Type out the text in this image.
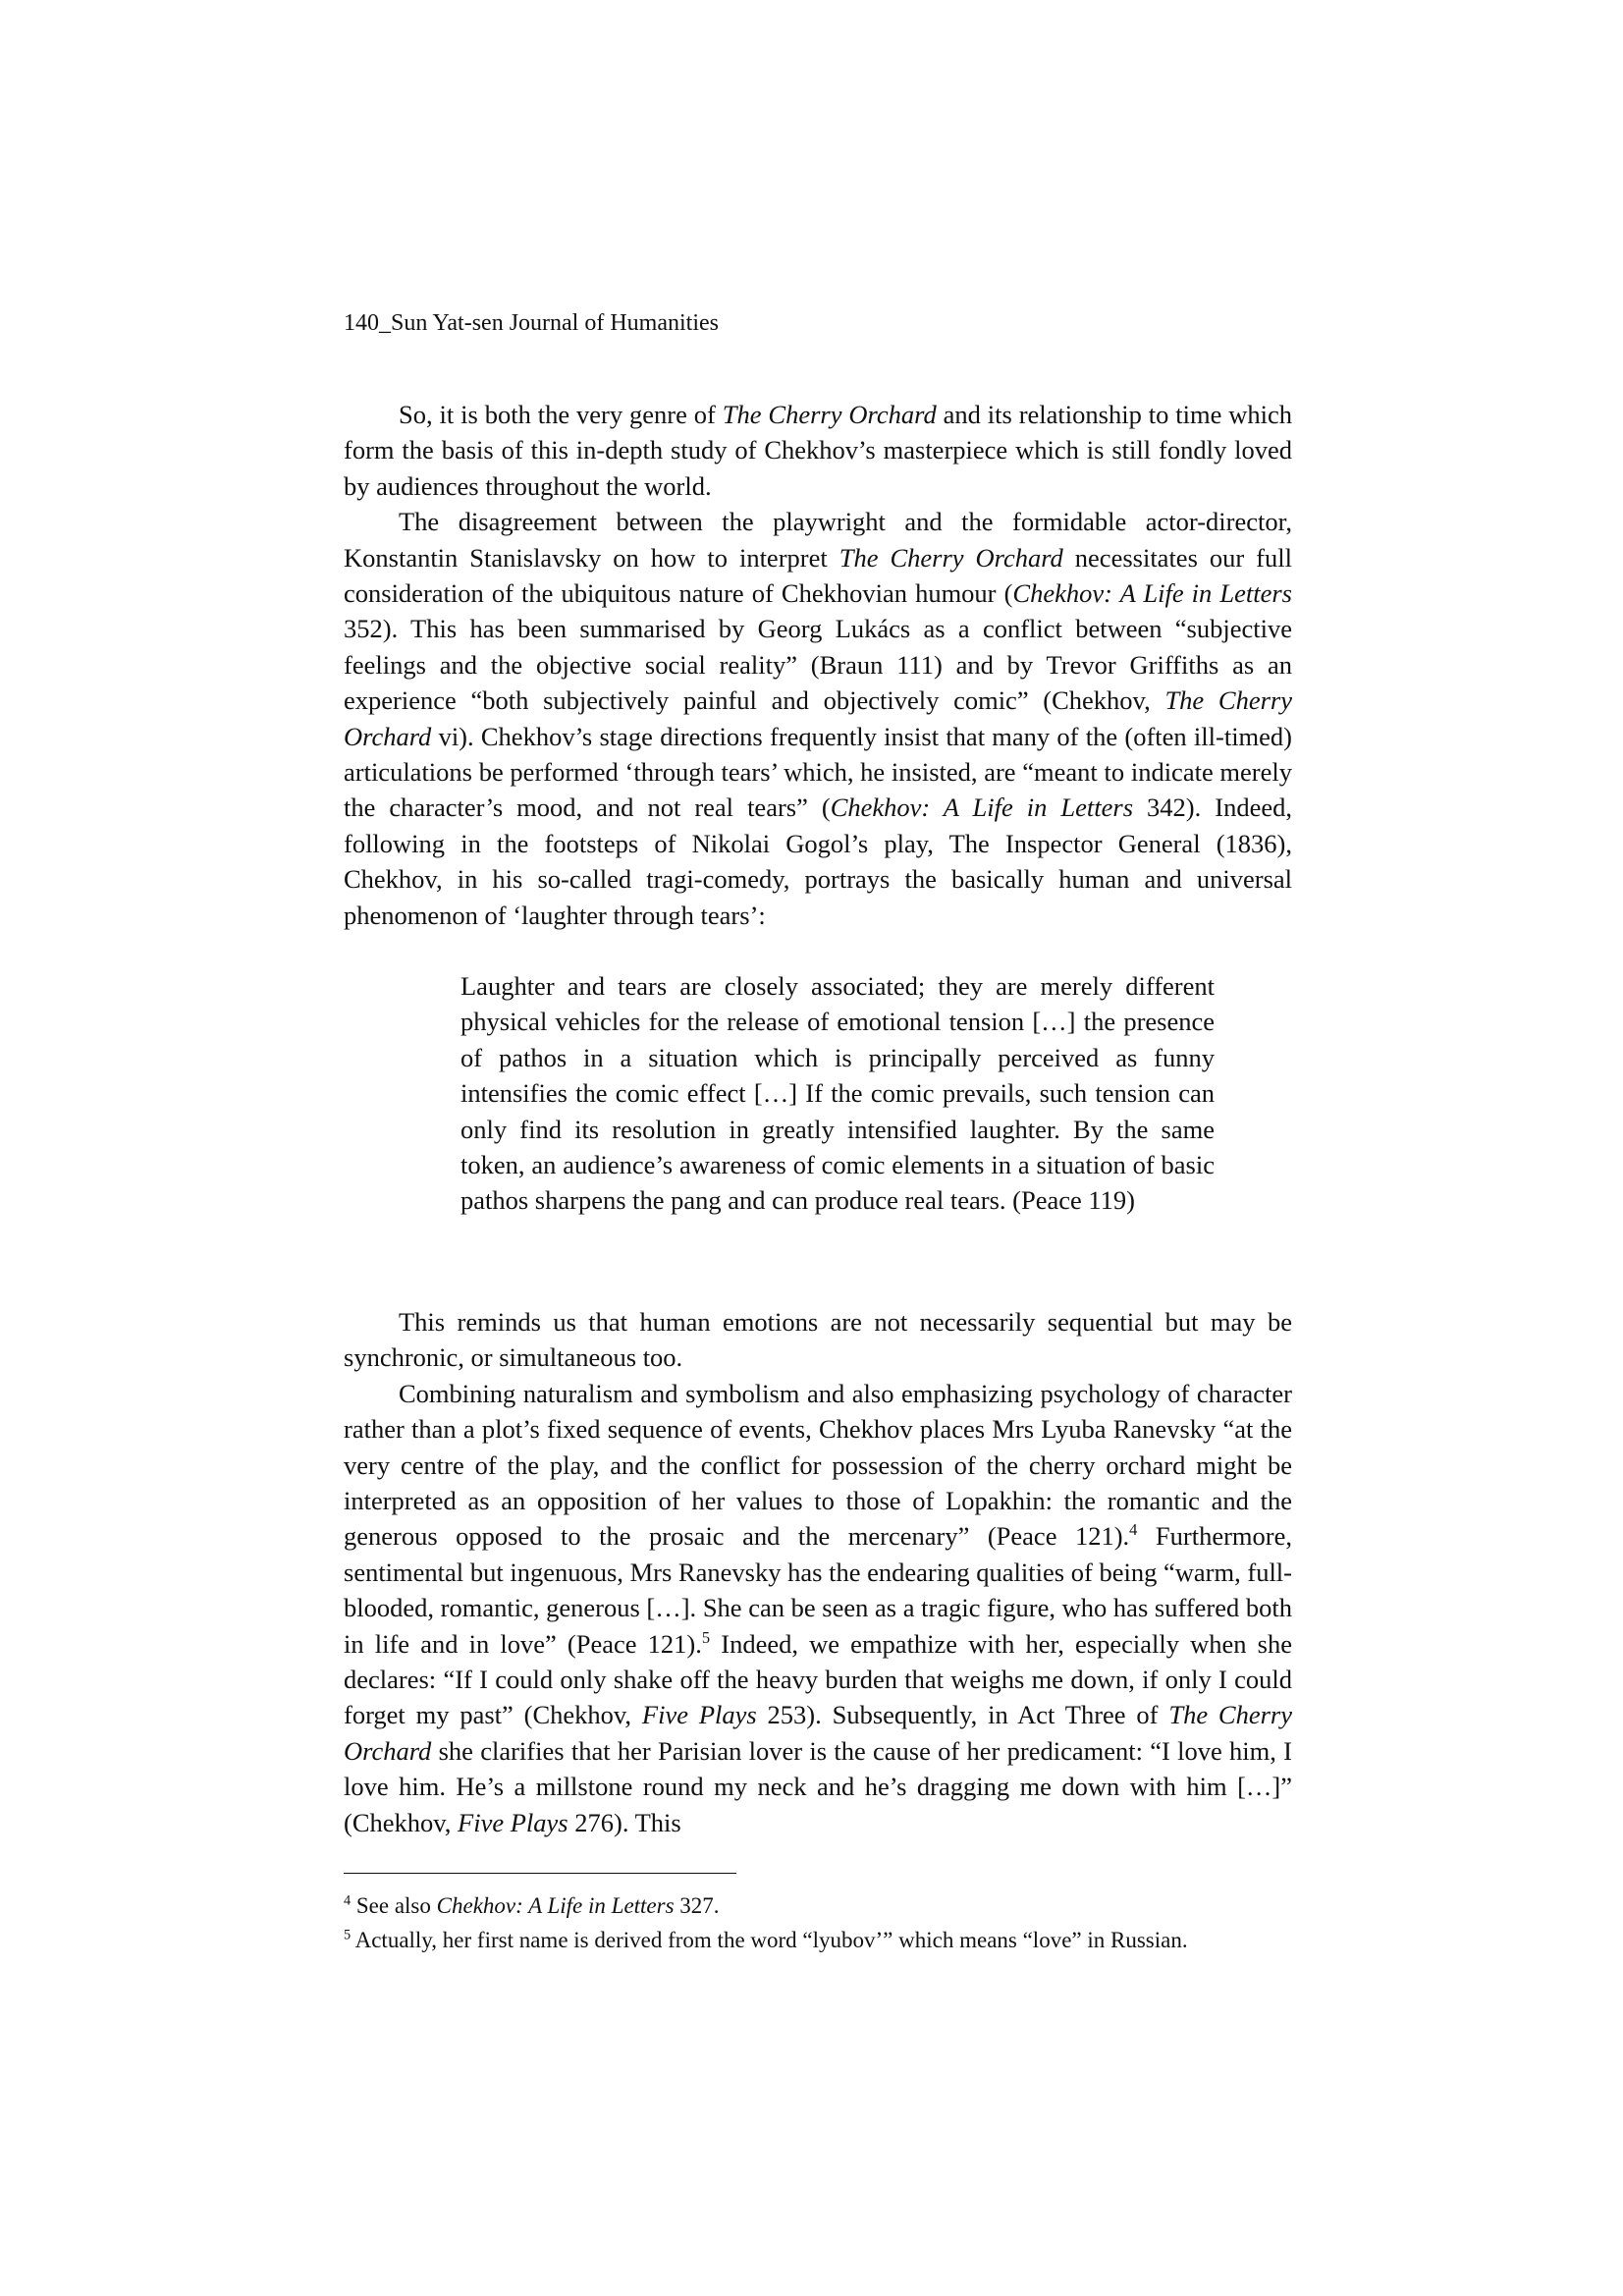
140_Sun Yat-sen Journal of Humanities

So, it is both the very genre of The Cherry Orchard and its relationship to time which form the basis of this in-depth study of Chekhov’s masterpiece which is still fondly loved by audiences throughout the world.

The disagreement between the playwright and the formidable actor-director, Konstantin Stanislavsky on how to interpret The Cherry Orchard necessitates our full consideration of the ubiquitous nature of Chekhovian humour (Chekhov: A Life in Letters 352). This has been summarised by Georg Lukács as a conflict between “subjective feelings and the objective social reality” (Braun 111) and by Trevor Griffiths as an experience “both subjectively painful and objectively comic” (Chekhov, The Cherry Orchard vi). Chekhov’s stage directions frequently insist that many of the (often ill-timed) articulations be performed ‘through tears’ which, he insisted, are “meant to indicate merely the character’s mood, and not real tears” (Chekhov: A Life in Letters 342). Indeed, following in the footsteps of Nikolai Gogol’s play, The Inspector General (1836), Chekhov, in his so-called tragi-comedy, portrays the basically human and universal phenomenon of ‘laughter through tears’:

Laughter and tears are closely associated; they are merely different physical vehicles for the release of emotional tension […] the presence of pathos in a situation which is principally perceived as funny intensifies the comic effect […] If the comic prevails, such tension can only find its resolution in greatly intensified laughter. By the same token, an audience’s awareness of comic elements in a situation of basic pathos sharpens the pang and can produce real tears. (Peace 119)

This reminds us that human emotions are not necessarily sequential but may be synchronic, or simultaneous too.

Combining naturalism and symbolism and also emphasizing psychology of character rather than a plot’s fixed sequence of events, Chekhov places Mrs Lyuba Ranevsky “at the very centre of the play, and the conflict for possession of the cherry orchard might be interpreted as an opposition of her values to those of Lopakhin: the romantic and the generous opposed to the prosaic and the mercenary” (Peace 121).$^4$ Furthermore, sentimental but ingenuous, Mrs Ranevsky has the endearing qualities of being “warm, full-blooded, romantic, generous […]. She can be seen as a tragic figure, who has suffered both in life and in love” (Peace 121).$^5$ Indeed, we empathize with her, especially when she declares: “If I could only shake off the heavy burden that weighs me down, if only I could forget my past” (Chekhov, Five Plays 253). Subsequently, in Act Three of The Cherry Orchard she clarifies that her Parisian lover is the cause of her predicament: “I love him, I love him. He’s a millstone round my neck and he’s dragging me down with him […]” (Chekhov, Five Plays 276). This

$^4$ See also Chekhov: A Life in Letters 327.

$^5$ Actually, her first name is derived from the word “lyubov’” which means “love” in Russian.
